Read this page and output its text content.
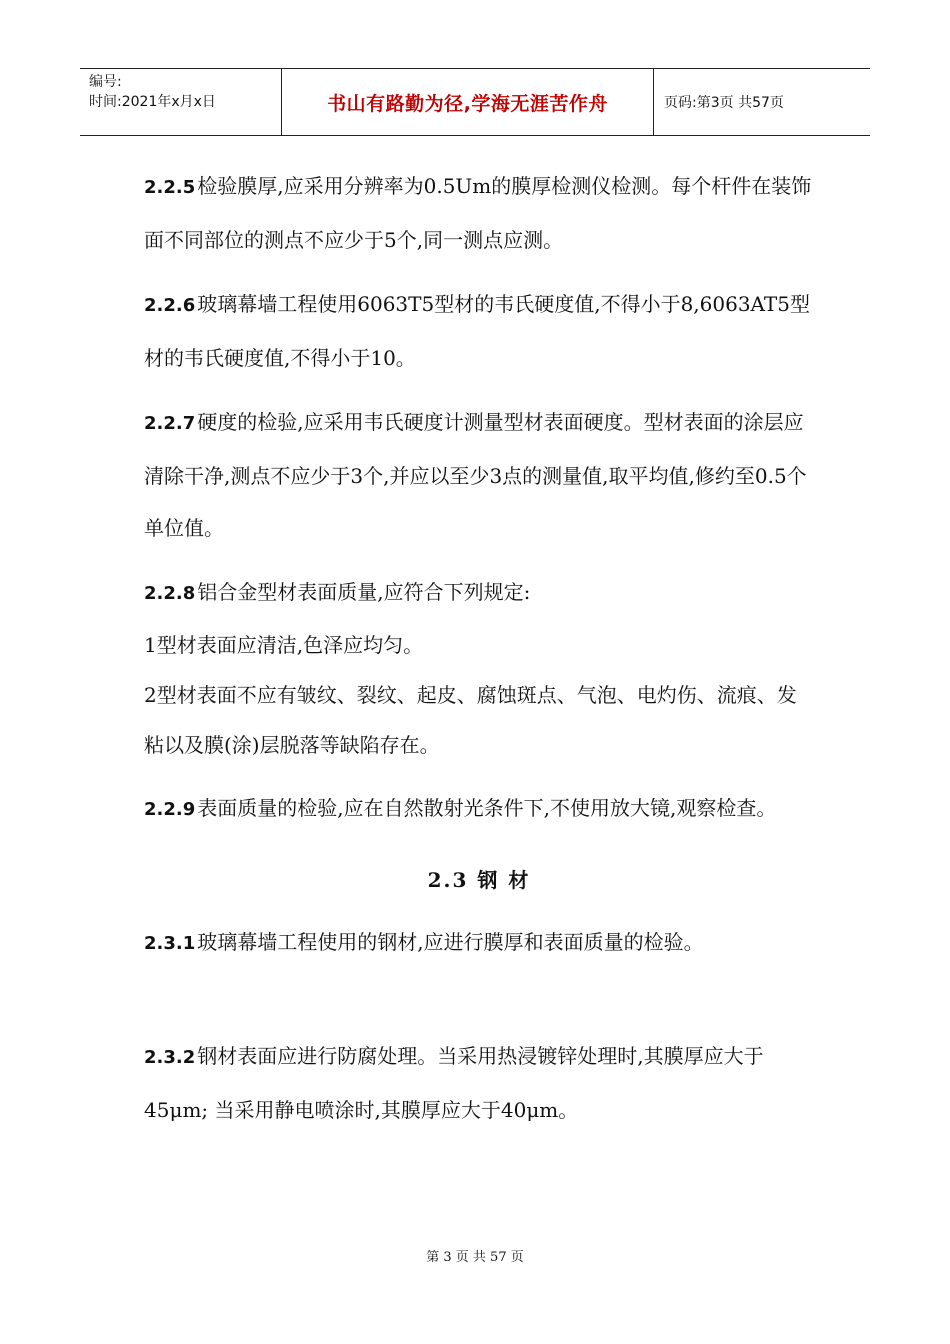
编号:
时间:2021年x月x日	书山有路勤为径,学海无涯苦作舟	页码:第3页 共57页

2.2.5 检验膜厚,应采用分辨率为0.5Um的膜厚检测仪检测。每个杆件在装饰面不同部位的测点不应少于5个,同一测点应测。

2.2.6 玻璃幕墙工程使用6063T5型材的韦氏硬度值,不得小于8,6063AT5型材的韦氏硬度值,不得小于10。

2.2.7 硬度的检验,应采用韦氏硬度计测量型材表面硬度。型材表面的涂层应清除干净,测点不应少于3个,并应以至少3点的测量值,取平均值,修约至0.5个单位值。

2.2.8 铝合金型材表面质量,应符合下列规定:

1型材表面应清洁,色泽应均匀。

2型材表面不应有皱纹、裂纹、起皮、腐蚀斑点、气泡、电灼伤、流痕、发粘以及膜(涂)层脱落等缺陷存在。

2.2.9 表面质量的检验,应在自然散射光条件下,不使用放大镜,观察检查。

2.3 钢 材

2.3.1 玻璃幕墙工程使用的钢材,应进行膜厚和表面质量的检验。

2.3.2 钢材表面应进行防腐处理。当采用热浸镀锌处理时,其膜厚应大于45μm; 当采用静电喷涂时,其膜厚应大于40μm。

第 3 页 共 57 页
